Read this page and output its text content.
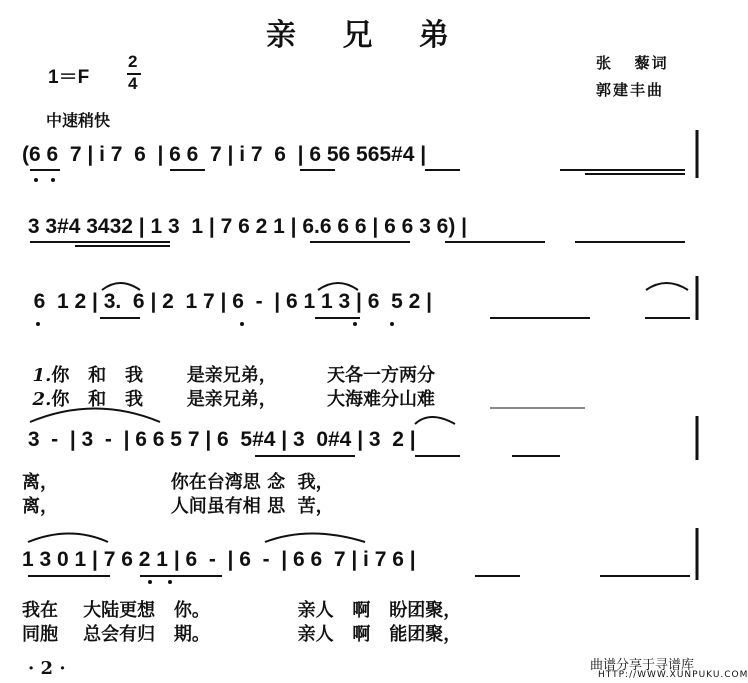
亲 兄 弟
张   藜词
郭建丰曲
1＝F
2
4
中速稍快
(6 6  7 | i 7  6  | 6 6  7 | i 7  6  | 6 56 565#4 |
3 3#4 3432 | 1 3  1 | 7 6 2 1 | 6.6 6 6 | 6 6 3 6) |
6  1 2 | 3.  6 | 2  1 7 | 6  -  | 6 1 1 3 | 6  5 2 |
3  -  | 3  -  | 6 6 5 7 | 6  5#4 | 3  0#4 | 3  2 |
1 3 0 1 | 7 6 2 1 | 6  -  | 6  -  | 6 6  7 | i 7 6 |

1.你   和   我       是亲兄弟，        天各一方两分

2.你   和   我       是亲兄弟，        大海难分山难

离，                  你在台湾思 念  我，
离，                  人间虽有相 思  苦，
我在    大陆更想   你。              亲人   啊   盼团聚，
同胞    总会有归   期。              亲人   啊   能团聚，
· 2 ·	曲谱分享于寻谱库
HTTP://WWW.XUNPUKU.COM
